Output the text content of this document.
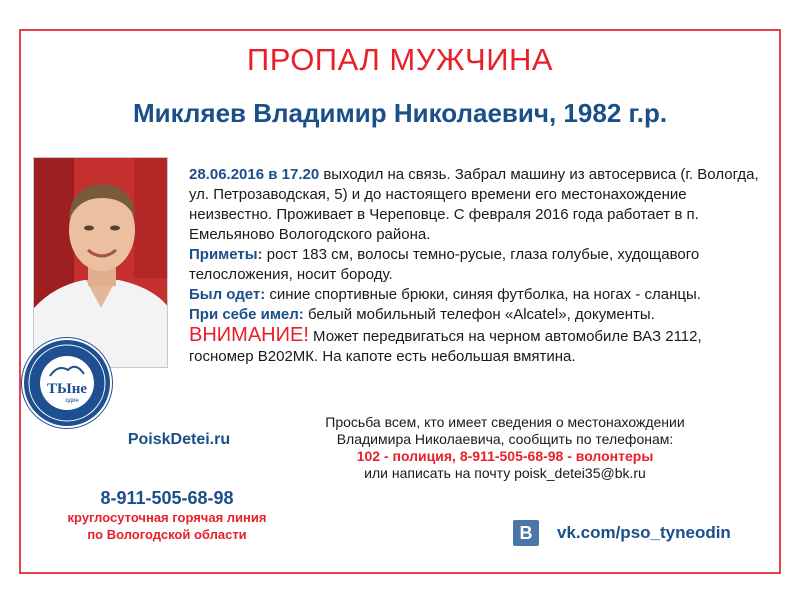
ПРОПАЛ МУЖЧИНА
Микляев Владимир Николаевич, 1982 г.р.
ТЫне
один

28.06.2016 в 17.20 выходил на связь. Забрал машину из автосервиса (г. Вологда, ул. Петрозаводская, 5) и до настоящего времени его местонахождение неизвестно. Проживает в Череповце. С февраля 2016 года работает в п. Емельяново Вологодского района.

Приметы: рост 183 см, волосы темно-русые, глаза голубые, худощавого телосложения, носит бороду.

Был одет: синие спортивные брюки, синяя футболка, на ногах - сланцы.

При себе имел: белый мобильный телефон «Alcatel», документы.

ВНИМАНИЕ! Может передвигаться на черном автомобиле ВАЗ 2112, госномер В202МК. На капоте есть небольшая вмятина.

PoiskDetei.ru
8-911-505-68-98
круглосуточная горячая линия
по Вологодской области
Просьба всем, кто имеет сведения о местонахождении
Владимира Николаевича, сообщить по телефонам:
102 - полиция, 8-911-505-68-98 - волонтеры
или написать на почту poisk_detei35@bk.ru
B	vk.com/pso_tyneodin
